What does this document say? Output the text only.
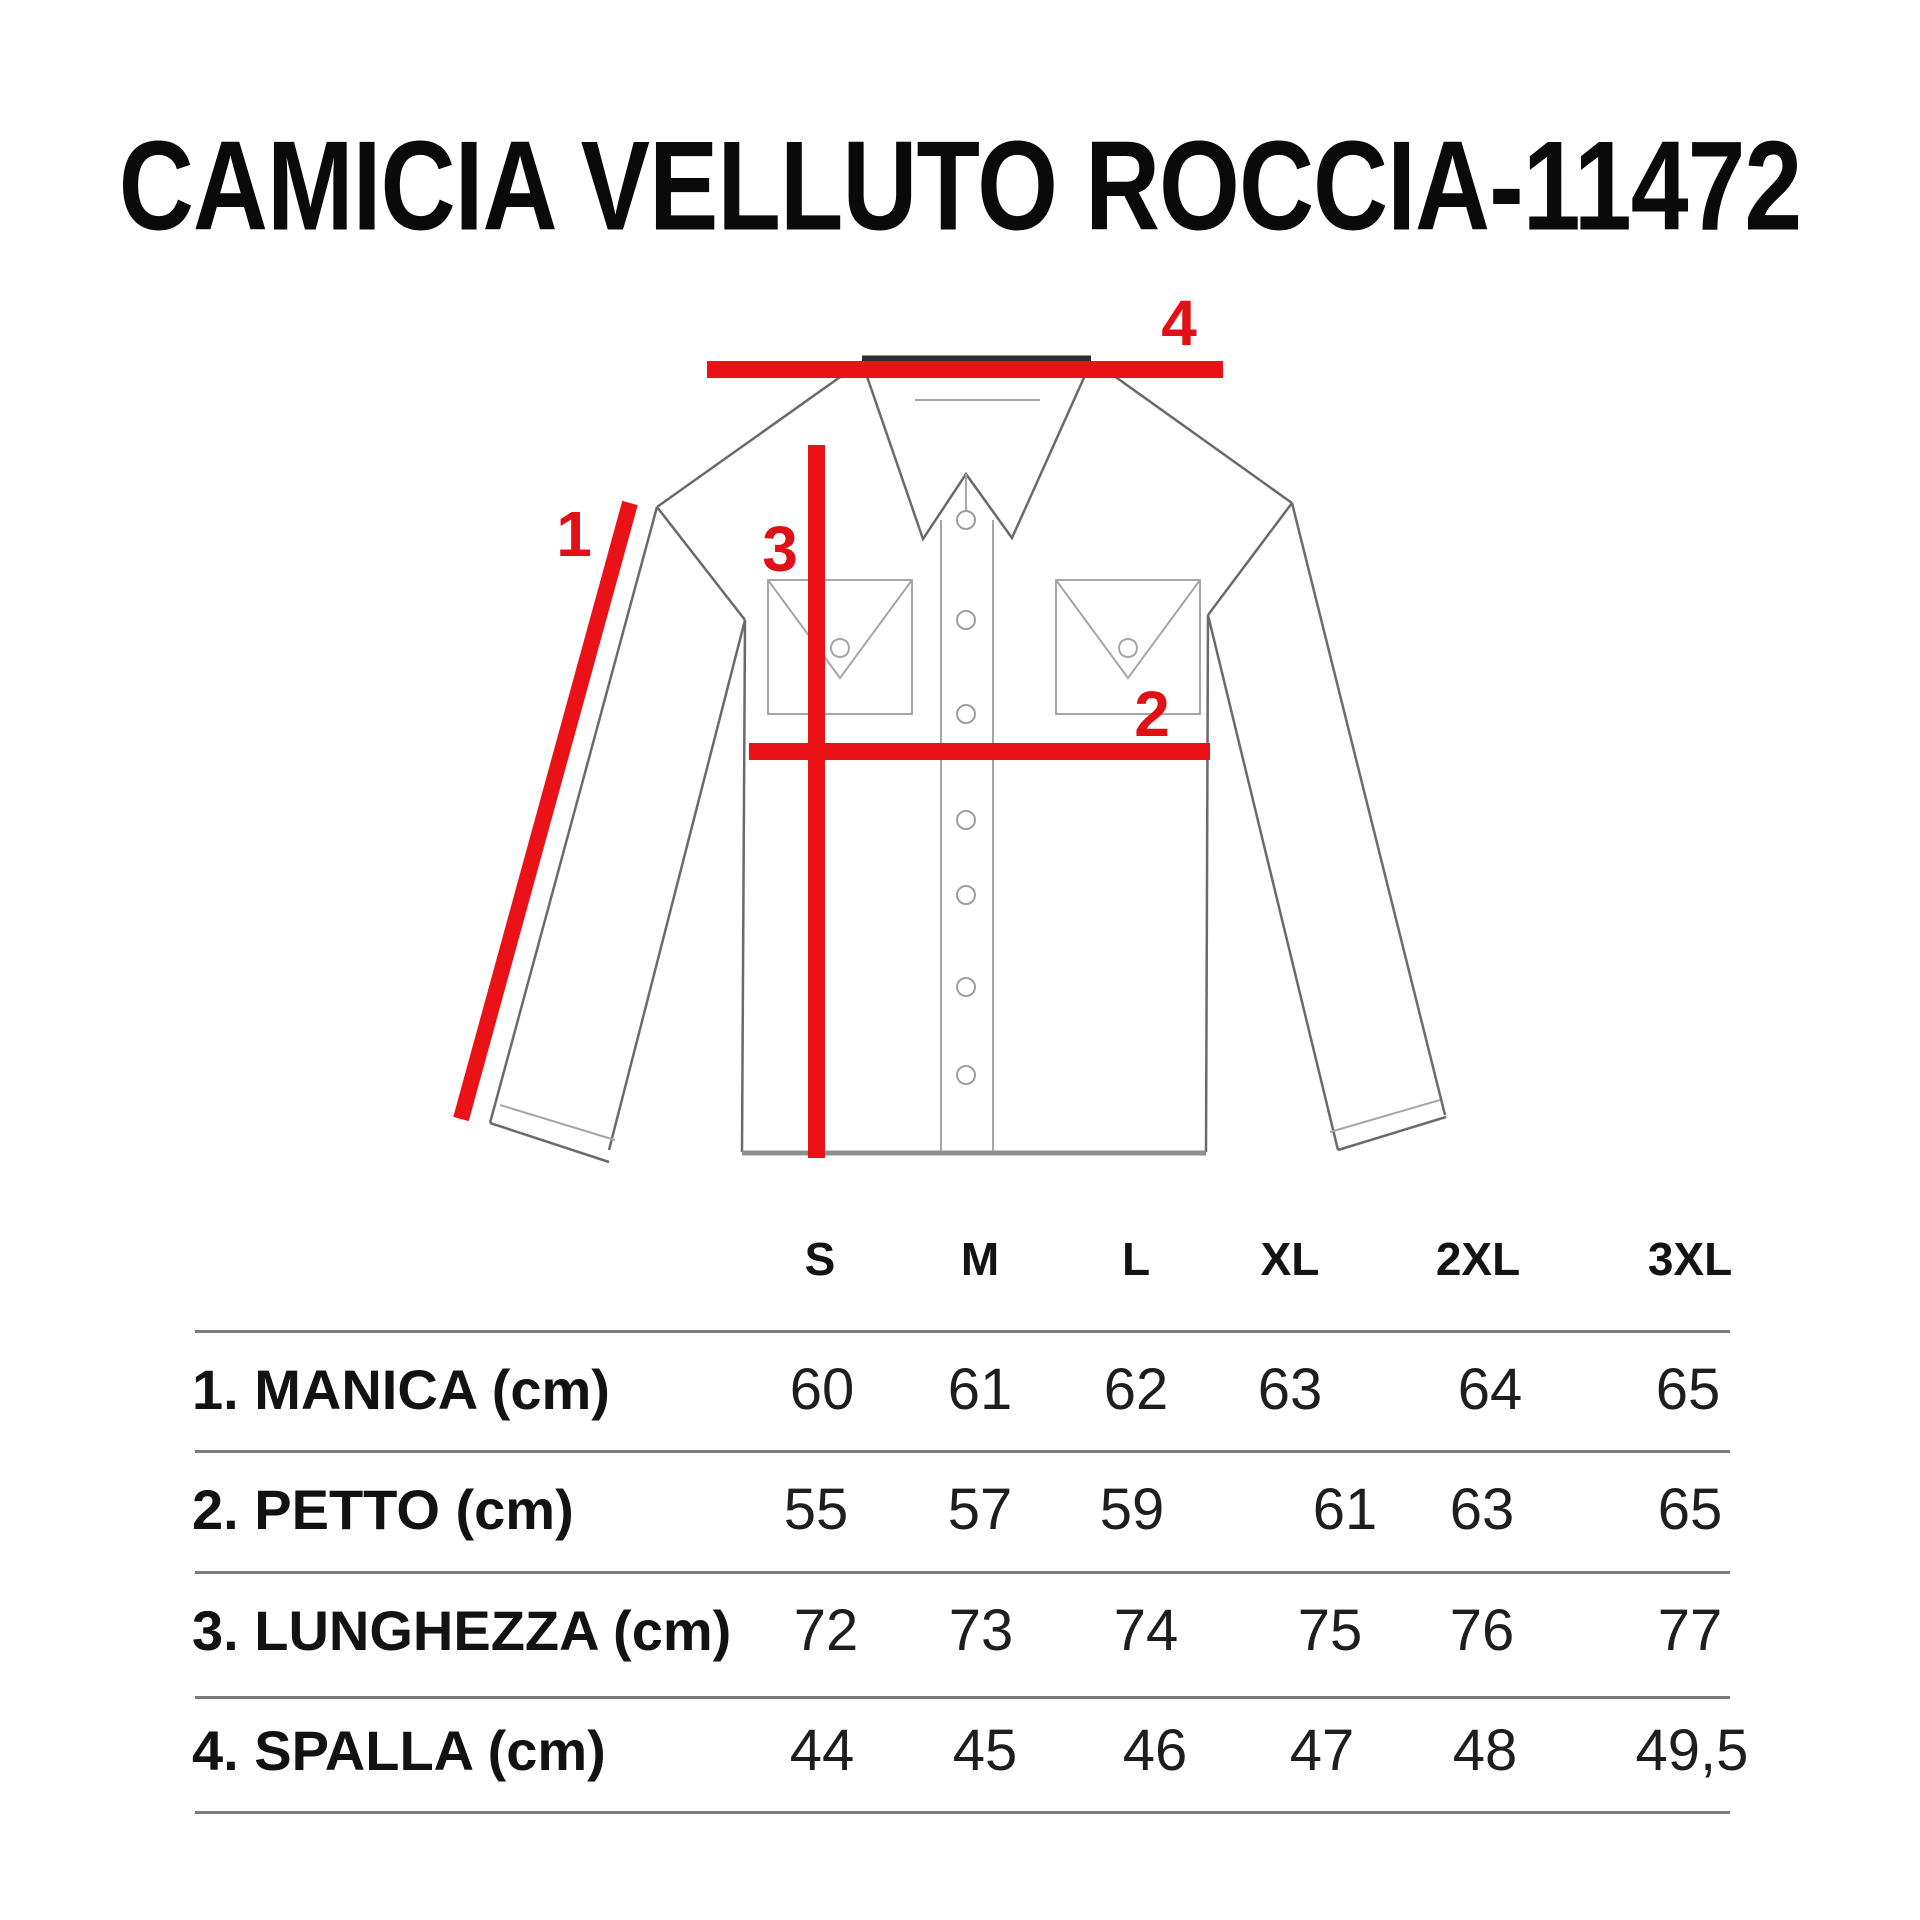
CAMICIA VELLUTO ROCCIA-11472
1
2
3
4
S	M	L	XL	2XL	3XL
1. MANICA (cm)	60	61	62	63	64	65
2. PETTO (cm)	55	57	59	61	63	65
3. LUNGHEZZA (cm)	72	73	74	75	76	77
4. SPALLA (cm)	44	45	46	47	48	49,5
